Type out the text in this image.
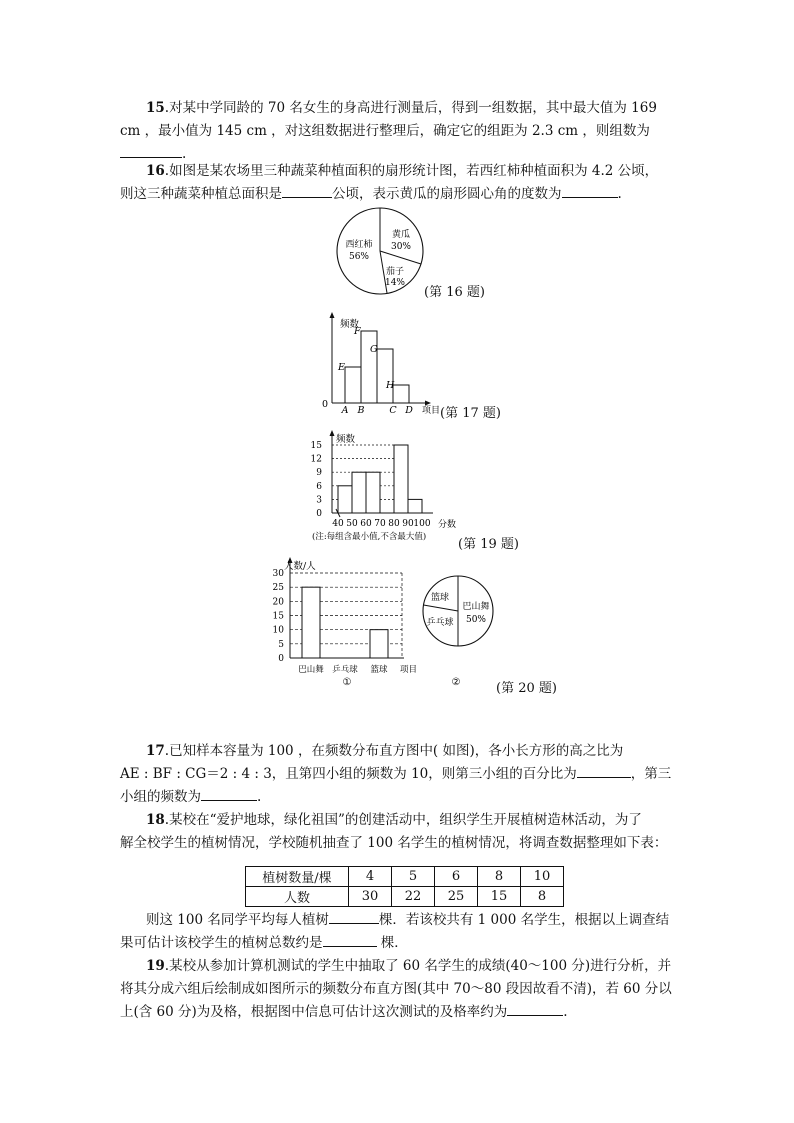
15.对某中学同龄的 70 名女生的身高进行测量后，得到一组数据，其中最大值为 169
cm ，最小值为 145 cm ，对这组数据进行整理后，确定它的组距为 2.3 cm ，则组数为
.
16.如图是某农场里三种蔬菜种植面积的扇形统计图，若西红柿种植面积为 4.2 公顷，
则这三种蔬菜种植总面积是	公顷，表示黄瓜的扇形圆心角的度数为	.
西红柿
56%
黄瓜
30%
茄子
14%
(第 16 题)
频数
0
项目
E
F
G
H
A B	C D (第 17 题)
频数
15
12
9
6
3
0
40 50 60 70 80 90 100 分数
(注:每组含最小值,不含最大值) (第 19 题)
人数/人
30
25
20
15
10
5
0
巴山舞 乒乓球 篮球 项目
①
篮球
乒乓球
巴山舞
50%
②	(第 20 题)
17.已知样本容量为 100 ，在频数分布直方图中( 如图)，各小长方形的高之比为
AE : BF : CG＝2 : 4 : 3，且第四小组的频数为 10，则第三小组的百分比为	，第三
小组的频数为	.
18.某校在“爱护地球，绿化祖国”的创建活动中，组织学生开展植树造林活动，为了
解全校学生的植树情况，学校随机抽查了 100 名学生的植树情况，将调查数据整理如下表：
植树数量/棵	4	5	6	8	10
人数	30	22	25	15	8
则这 100 名同学平均每人植树	棵．若该校共有 1 000 名学生，根据以上调查结
果可估计该校学生的植树总数约是	棵．
19.某校从参加计算机测试的学生中抽取了 60 名学生的成绩(40～100 分)进行分析，并
将其分成六组后绘制成如图所示的频数分布直方图(其中 70～80 段因故看不清)，若 60 分以
上(含 60 分)为及格，根据图中信息可估计这次测试的及格率约为	.
